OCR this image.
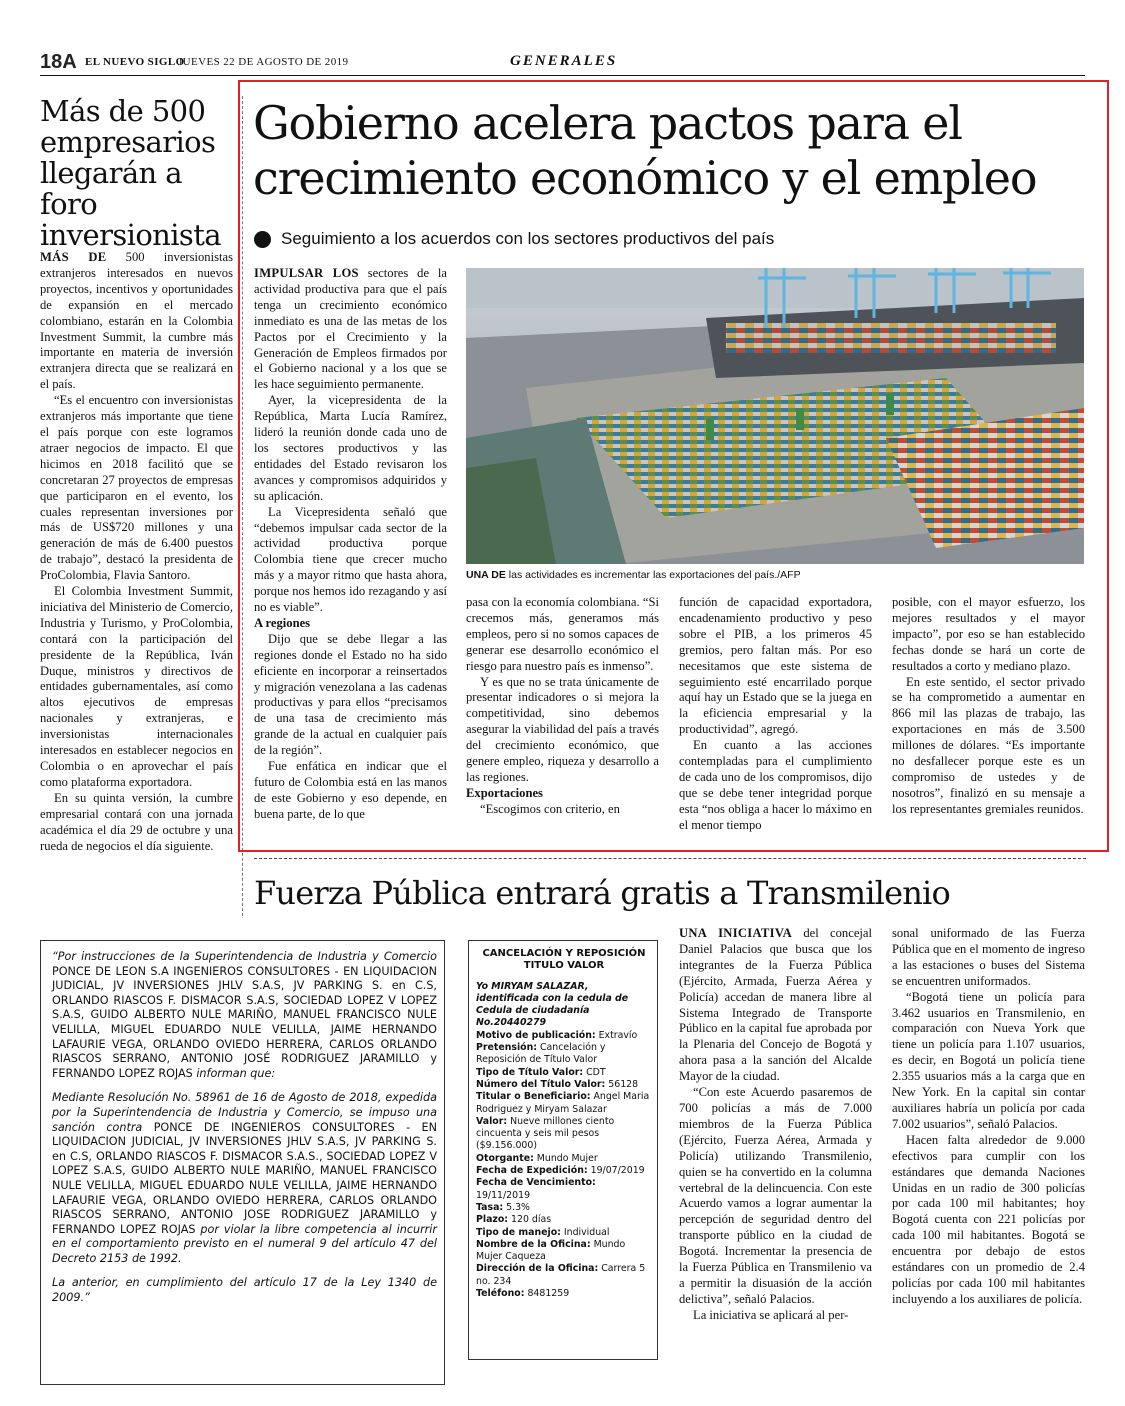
18A EL NUEVO SIGLO
JUEVES 22 DE AGOSTO DE 2019	GENERALES
Más de 500 empresarios llegarán a foro inversionista

MÁS DE 500 inversionistas extranjeros interesados en nuevos proyectos, incentivos y oportunidades de expansión en el mercado colombiano, estarán en la Colombia Investment Summit, la cumbre más importante en materia de inversión extranjera directa que se realizará en el país.

“Es el encuentro con inversionistas extranjeros más importante que tiene el país porque con este logramos atraer negocios de impacto. El que hicimos en 2018 facilitó que se concretaran 27 proyectos de empresas que participaron en el evento, los cuales representan inversiones por más de US$720 millones y una generación de más de 6.400 puestos de trabajo”, destacó la presidenta de ProColombia, Flavia Santoro.

El Colombia Investment Summit, iniciativa del Ministerio de Comercio, Industria y Turismo, y ProColombia, contará con la participación del presidente de la República, Iván Duque, ministros y directivos de entidades gubernamentales, así como altos ejecutivos de empresas nacionales y extranjeras, e inversionistas internacionales interesados en establecer negocios en Colombia o en aprovechar el país como plataforma exportadora.

En su quinta versión, la cumbre empresarial contará con una jornada académica el día 29 de octubre y una rueda de negocios el día siguiente.

Gobierno acelera pactos para el crecimiento económico y el empleo
Seguimiento a los acuerdos con los sectores productivos del país
UNA DE las actividades es incrementar las exportaciones del país./AFP

IMPULSAR LOS sectores de la actividad productiva para que el país tenga un crecimiento económico inmediato es una de las metas de los Pactos por el Crecimiento y la Generación de Empleos firmados por el Gobierno nacional y a los que se les hace seguimiento permanente.

Ayer, la vicepresidenta de la República, Marta Lucía Ramírez, lideró la reunión donde cada uno de los sectores productivos y las entidades del Estado revisaron los avances y compromisos adquiridos y su aplicación.

La Vicepresidenta señaló que “debemos impulsar cada sector de la actividad productiva porque Colombia tiene que crecer mucho más y a mayor ritmo que hasta ahora, porque nos hemos ido rezagando y así no es viable”.

A regiones

Dijo que se debe llegar a las regiones donde el Estado no ha sido eficiente en incorporar a reinsertados y migración venezolana a las cadenas productivas y para ellos “precisamos de una tasa de crecimiento más grande de la actual en cualquier país de la región”.

Fue enfática en indicar que el futuro de Colombia está en las manos de este Gobierno y eso depende, en buena parte, de lo que

pasa con la economía colombiana. “Si crecemos más, generamos más empleos, pero si no somos capaces de generar ese desarrollo económico el riesgo para nuestro país es inmenso”.

Y es que no se trata únicamente de presentar indicadores o si mejora la competitividad, sino debemos asegurar la viabilidad del país a través del crecimiento económico, que genere empleo, riqueza y desarrollo a las regiones.

Exportaciones

“Escogimos con criterio, en

función de capacidad exportadora, encadenamiento productivo y peso sobre el PIB, a los primeros 45 gremios, pero faltan más. Por eso necesitamos que este sistema de seguimiento esté encarrilado porque aquí hay un Estado que se la juega en la eficiencia empresarial y la productividad”, agregó.

En cuanto a las acciones contempladas para el cumplimiento de cada uno de los compromisos, dijo que se debe tener integridad porque esta “nos obliga a hacer lo máximo en el menor tiempo

posible, con el mayor esfuerzo, los mejores resultados y el mayor impacto”, por eso se han establecido fechas donde se hará un corte de resultados a corto y mediano plazo.

En este sentido, el sector privado se ha comprometido a aumentar en 866 mil las plazas de trabajo, las exportaciones en más de 3.500 millones de dólares. “Es importante no desfallecer porque este es un compromiso de ustedes y de nosotros”, finalizó en su mensaje a los representantes gremiales reunidos.

Fuerza Pública entrará gratis a Transmilenio

UNA INICIATIVA del concejal Daniel Palacios que busca que los integrantes de la Fuerza Pública (Ejército, Armada, Fuerza Aérea y Policía) accedan de manera libre al Sistema Integrado de Transporte Público en la capital fue aprobada por la Plenaria del Concejo de Bogotá y ahora pasa a la sanción del Alcalde Mayor de la ciudad.

“Con este Acuerdo pasaremos de 700 policías a más de 7.000 miembros de la Fuerza Pública (Ejército, Fuerza Aérea, Armada y Policía) utilizando Transmilenio, quien se ha convertido en la columna vertebral de la delincuencia. Con este Acuerdo vamos a lograr aumentar la percepción de seguridad dentro del transporte público en la ciudad de Bogotá. Incrementar la presencia de la Fuerza Pública en Transmilenio va a permitir la disuasión de la acción delictiva”, señaló Palacios.

La iniciativa se aplicará al per-

sonal uniformado de las Fuerza Pública que en el momento de ingreso a las estaciones o buses del Sistema se encuentren uniformados.

“Bogotá tiene un policía para 3.462 usuarios en Transmilenio, en comparación con Nueva York que tiene un policía para 1.107 usuarios, es decir, en Bogotá un policía tiene 2.355 usuarios más a la carga que en New York. En la capital sin contar auxiliares habría un policía por cada 7.002 usuarios”, señaló Palacios.

Hacen falta alrededor de 9.000 efectivos para cumplir con los estándares que demanda Naciones Unidas en un radio de 300 policías por cada 100 mil habitantes; hoy Bogotá cuenta con 221 policías por cada 100 mil habitantes. Bogotá se encuentra por debajo de estos estándares con un promedio de 2.4 policías por cada 100 mil habitantes incluyendo a los auxiliares de policía.

“Por instrucciones de la Superintendencia de Industria y Comercio PONCE DE LEON S.A INGENIEROS CONSULTORES - EN LIQUIDACION JUDICIAL, JV INVERSIONES JHLV S.A.S, JV PARKING S. en C.S, ORLANDO RIASCOS F. DISMACOR S.A.S, SOCIEDAD LOPEZ V LOPEZ S.A.S, GUIDO ALBERTO NULE MARIÑO, MANUEL FRANCISCO NULE VELILLA, MIGUEL EDUARDO NULE VELILLA, JAIME HERNANDO LAFAURIE VEGA, ORLANDO OVIEDO HERRERA, CARLOS ORLANDO RIASCOS SERRANO, ANTONIO JOSÉ RODRIGUEZ JARAMILLO y FERNANDO LOPEZ ROJAS informan que:
Mediante Resolución No. 58961 de 16 de Agosto de 2018, expedida por la Superintendencia de Industria y Comercio, se impuso una sanción contra PONCE DE INGENIEROS CONSULTORES - EN LIQUIDACION JUDICIAL, JV INVERSIONES JHLV S.A.S, JV PARKING S. en C.S, ORLANDO RIASCOS F. DISMACOR S.A.S., SOCIEDAD LOPEZ V LOPEZ S.A.S, GUIDO ALBERTO NULE MARIÑO, MANUEL FRANCISCO NULE VELILLA, MIGUEL EDUARDO NULE VELILLA, JAIME HERNANDO LAFAURIE VEGA, ORLANDO OVIEDO HERRERA, CARLOS ORLANDO RIASCOS SERRANO, ANTONIO JOSE RODRIGUEZ JARAMILLO y FERNANDO LOPEZ ROJAS por violar la libre competencia al incurrir en el comportamiento previsto en el numeral 9 del artículo 47 del Decreto 2153 de 1992.
La anterior, en cumplimiento del artículo 17 de la Ley 1340 de 2009.”
CANCELACIÓN Y REPOSICIÓN TITULO VALOR
Yo MIRYAM SALAZAR, identificada con la cedula de Cedula de ciudadanía No.20440279
Motivo de publicación: Extravío
Pretensión: Cancelación y Reposición de Título Valor
Tipo de Título Valor: CDT
Número del Título Valor: 56128
Titular o Beneficiario: Angel Maria Rodriguez y Miryam Salazar
Valor: Nueve millones ciento cincuenta y seis mil pesos ($9.156.000)
Otorgante: Mundo Mujer
Fecha de Expedición: 19/07/2019
Fecha de Vencimiento: 19/11/2019
Tasa: 5.3%
Plazo: 120 días
Tipo de manejo: Individual
Nombre de la Oficina: Mundo Mujer Caqueza
Dirección de la Oficina: Carrera 5 no. 234
Teléfono: 8481259
